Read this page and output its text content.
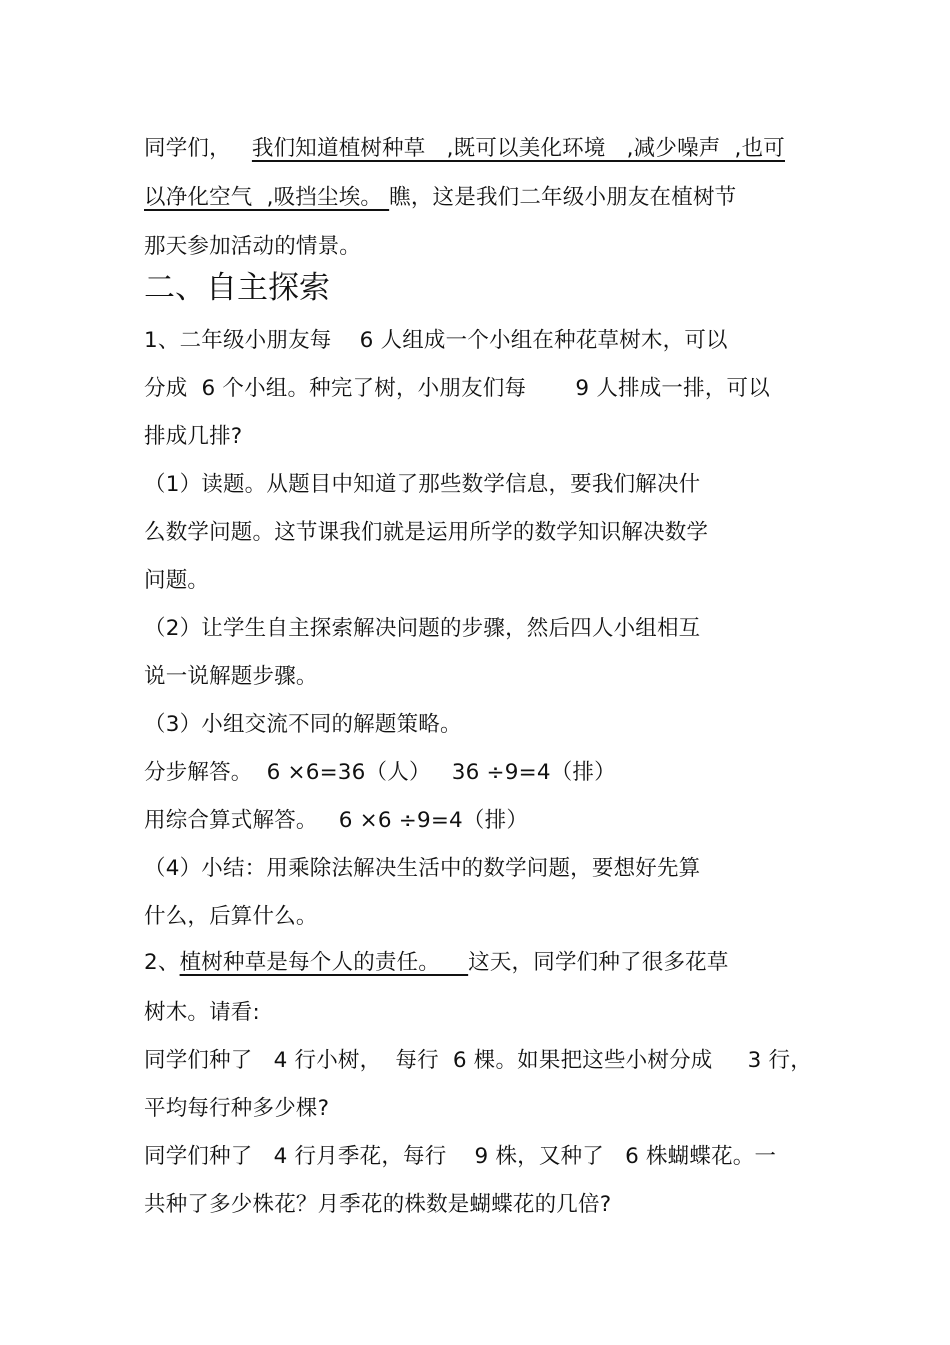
同学们，   我们知道植树种草   ,既可以美化环境   ,减少噪声  ,也可
以净化空气  ,吸挡尘埃。 瞧，这是我们二年级小朋友在植树节
那天参加活动的情景。
二、自主探索
1、二年级小朋友每    6 人组成一个小组在种花草树木，可以
分成  6 个小组。种完了树，小朋友们每       9 人排成一排，可以
排成几排?
（1）读题。从题目中知道了那些数学信息，要我们解决什
么数学问题。这节课我们就是运用所学的数学知识解决数学
问题。
（2）让学生自主探索解决问题的步骤，然后四人小组相互
说一说解题步骤。
（3）小组交流不同的解题策略。
分步解答。  6 ×6=36（人）   36 ÷9=4（排）
用综合算式解答。   6 ×6 ÷9=4（排）
（4）小结：用乘除法解决生活中的数学问题，要想好先算
什么，后算什么。
2、植树种草是每个人的责任。    这天，同学们种了很多花草
树木。请看:
同学们种了   4 行小树，  每行  6 棵。如果把这些小树分成     3 行，
平均每行种多少棵?
同学们种了   4 行月季花，每行    9 株，又种了   6 株蝴蝶花。一
共种了多少株花？月季花的株数是蝴蝶花的几倍?
